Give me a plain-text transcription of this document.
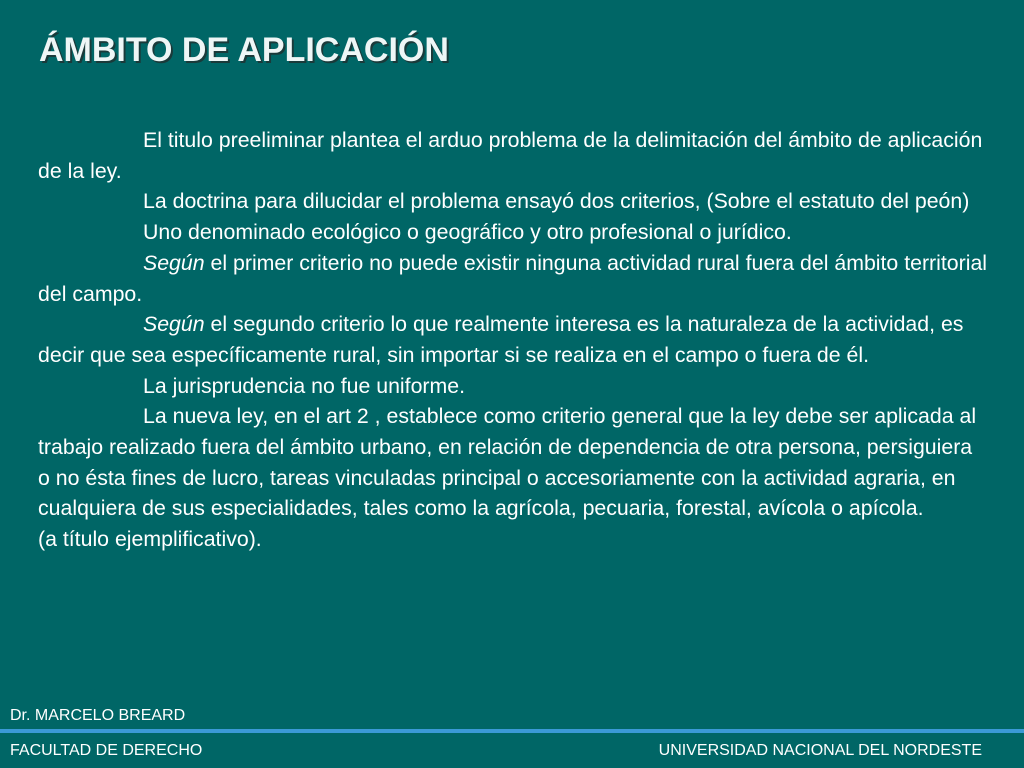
ÁMBITO DE APLICACIÓN

El titulo preeliminar plantea el arduo problema de la delimitación del ámbito de aplicación de la ley.

La doctrina para dilucidar el problema ensayó dos criterios, (Sobre el estatuto del peón)

Uno denominado ecológico o geográfico y otro profesional o jurídico.

Según el primer criterio no puede existir ninguna actividad rural fuera del ámbito territorial del campo.

Según el segundo criterio lo que realmente interesa es la naturaleza de la actividad, es decir que sea específicamente rural, sin importar si se realiza en el campo o fuera de él.

La jurisprudencia no fue uniforme.

La nueva ley, en el art 2 , establece como criterio general que la ley debe ser aplicada al trabajo realizado fuera del ámbito urbano, en relación de dependencia de otra persona, persiguiera o no ésta fines de lucro, tareas vinculadas principal o accesoriamente con la actividad agraria, en cualquiera de sus especialidades, tales como la agrícola, pecuaria, forestal, avícola o apícola.

(a título ejemplificativo).

Dr. MARCELO BREARD
FACULTAD DE DERECHO	UNIVERSIDAD NACIONAL DEL NORDESTE
